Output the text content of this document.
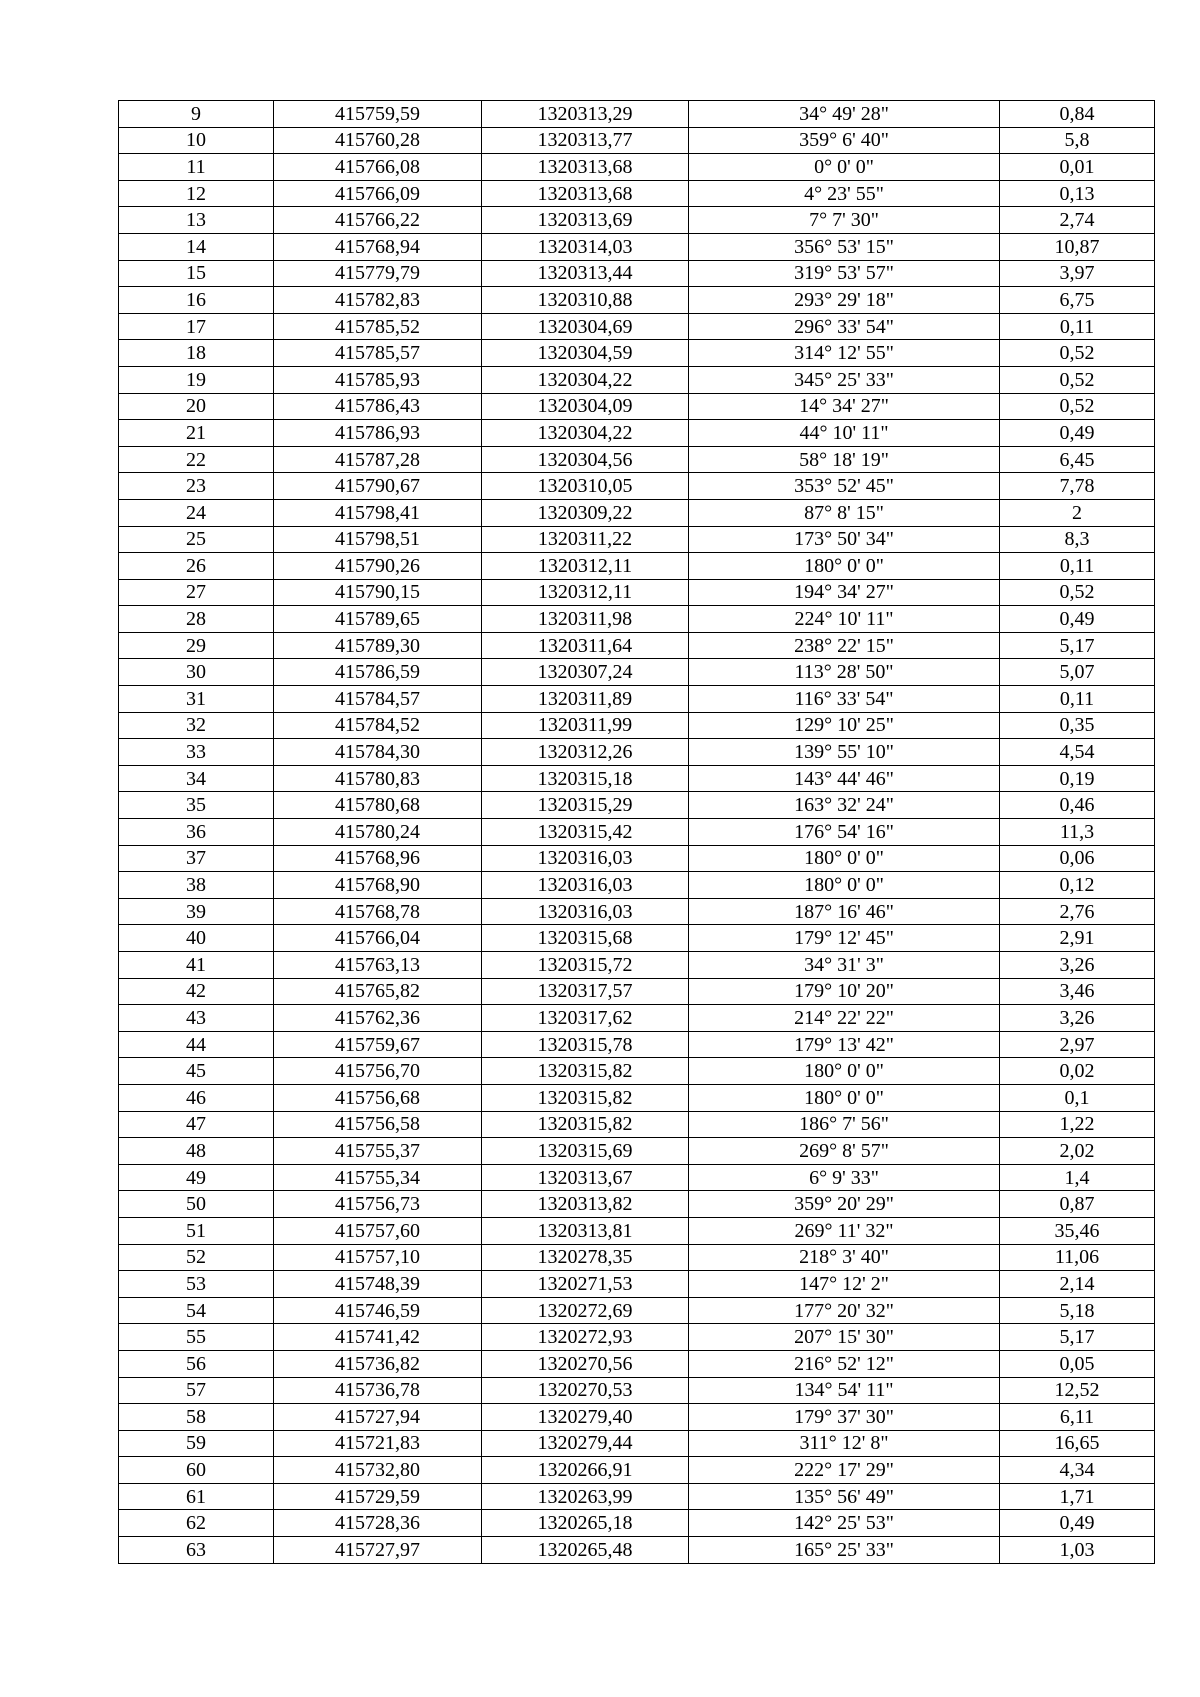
9	415759,59	1320313,29	34° 49' 28"	0,84
10	415760,28	1320313,77	359° 6' 40"	5,8
11	415766,08	1320313,68	0° 0' 0"	0,01
12	415766,09	1320313,68	4° 23' 55"	0,13
13	415766,22	1320313,69	7° 7' 30"	2,74
14	415768,94	1320314,03	356° 53' 15"	10,87
15	415779,79	1320313,44	319° 53' 57"	3,97
16	415782,83	1320310,88	293° 29' 18"	6,75
17	415785,52	1320304,69	296° 33' 54"	0,11
18	415785,57	1320304,59	314° 12' 55"	0,52
19	415785,93	1320304,22	345° 25' 33"	0,52
20	415786,43	1320304,09	14° 34' 27"	0,52
21	415786,93	1320304,22	44° 10' 11"	0,49
22	415787,28	1320304,56	58° 18' 19"	6,45
23	415790,67	1320310,05	353° 52' 45"	7,78
24	415798,41	1320309,22	87° 8' 15"	2
25	415798,51	1320311,22	173° 50' 34"	8,3
26	415790,26	1320312,11	180° 0' 0"	0,11
27	415790,15	1320312,11	194° 34' 27"	0,52
28	415789,65	1320311,98	224° 10' 11"	0,49
29	415789,30	1320311,64	238° 22' 15"	5,17
30	415786,59	1320307,24	113° 28' 50"	5,07
31	415784,57	1320311,89	116° 33' 54"	0,11
32	415784,52	1320311,99	129° 10' 25"	0,35
33	415784,30	1320312,26	139° 55' 10"	4,54
34	415780,83	1320315,18	143° 44' 46"	0,19
35	415780,68	1320315,29	163° 32' 24"	0,46
36	415780,24	1320315,42	176° 54' 16"	11,3
37	415768,96	1320316,03	180° 0' 0"	0,06
38	415768,90	1320316,03	180° 0' 0"	0,12
39	415768,78	1320316,03	187° 16' 46"	2,76
40	415766,04	1320315,68	179° 12' 45"	2,91
41	415763,13	1320315,72	34° 31' 3"	3,26
42	415765,82	1320317,57	179° 10' 20"	3,46
43	415762,36	1320317,62	214° 22' 22"	3,26
44	415759,67	1320315,78	179° 13' 42"	2,97
45	415756,70	1320315,82	180° 0' 0"	0,02
46	415756,68	1320315,82	180° 0' 0"	0,1
47	415756,58	1320315,82	186° 7' 56"	1,22
48	415755,37	1320315,69	269° 8' 57"	2,02
49	415755,34	1320313,67	6° 9' 33"	1,4
50	415756,73	1320313,82	359° 20' 29"	0,87
51	415757,60	1320313,81	269° 11' 32"	35,46
52	415757,10	1320278,35	218° 3' 40"	11,06
53	415748,39	1320271,53	147° 12' 2"	2,14
54	415746,59	1320272,69	177° 20' 32"	5,18
55	415741,42	1320272,93	207° 15' 30"	5,17
56	415736,82	1320270,56	216° 52' 12"	0,05
57	415736,78	1320270,53	134° 54' 11"	12,52
58	415727,94	1320279,40	179° 37' 30"	6,11
59	415721,83	1320279,44	311° 12' 8"	16,65
60	415732,80	1320266,91	222° 17' 29"	4,34
61	415729,59	1320263,99	135° 56' 49"	1,71
62	415728,36	1320265,18	142° 25' 53"	0,49
63	415727,97	1320265,48	165° 25' 33"	1,03
